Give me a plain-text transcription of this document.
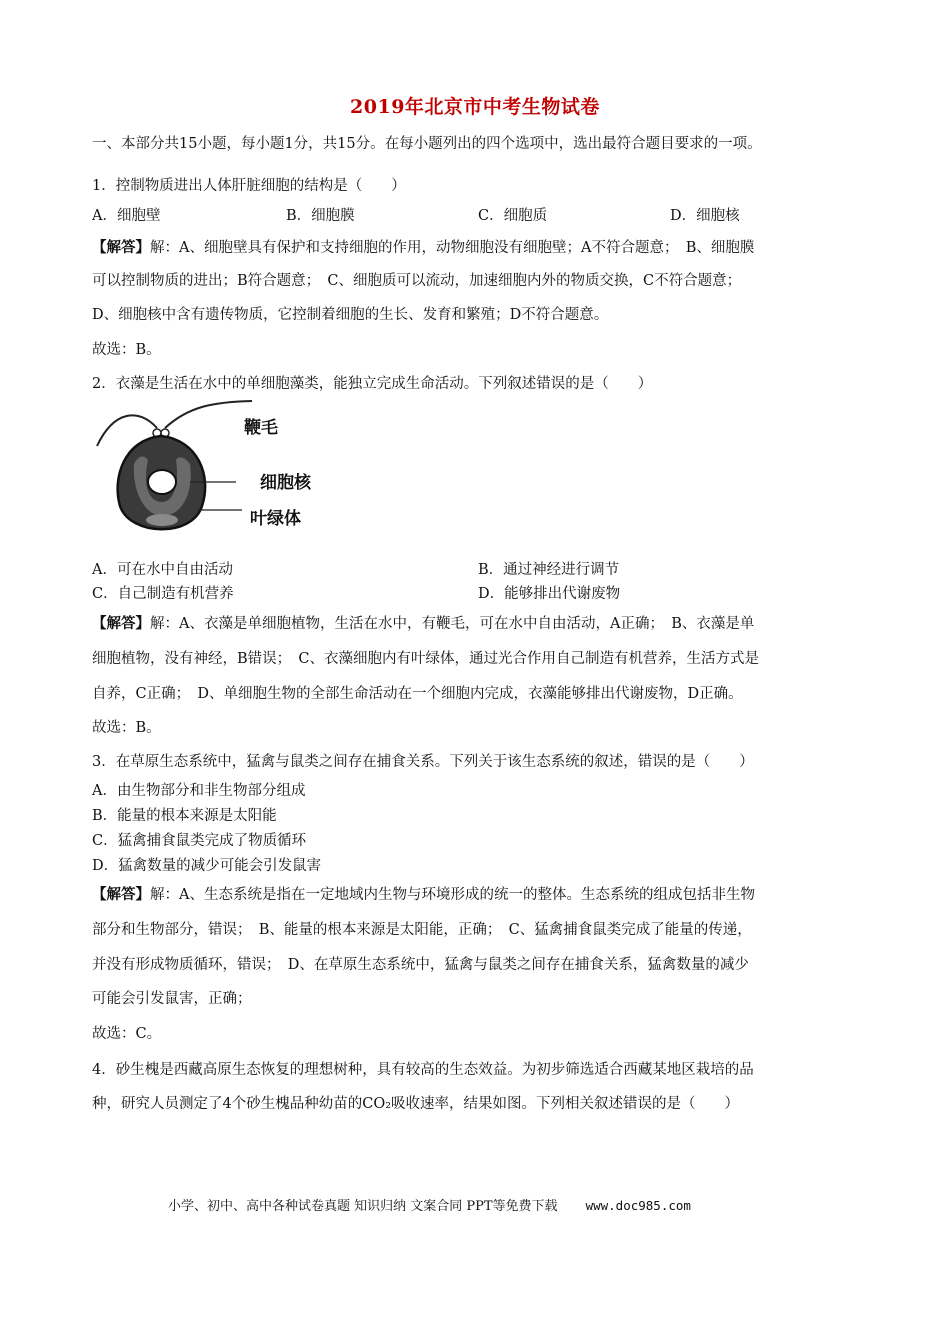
2019年北京市中考生物试卷
一、本部分共15小题，每小题1分，共15分。在每小题列出的四个选项中，选出最符合题目要求的一项。
1．控制物质进出人体肝脏细胞的结构是（　　）
A．细胞壁	B．细胞膜	C．细胞质	D．细胞核
【解答】解：A、细胞壁具有保护和支持细胞的作用，动物细胞没有细胞壁；A不符合题意；　B、细胞膜
可以控制物质的进出；B符合题意；　C、细胞质可以流动，加速细胞内外的物质交换，C不符合题意；
D、细胞核中含有遗传物质，它控制着细胞的生长、发育和繁殖；D不符合题意。
故选：B。
2．衣藻是生活在水中的单细胞藻类，能独立完成生命活动。下列叙述错误的是（　　）
鞭毛
细胞核
叶绿体
A．可在水中自由活动	B．通过神经进行调节
C．自己制造有机营养	D．能够排出代谢废物
【解答】解：A、衣藻是单细胞植物，生活在水中，有鞭毛，可在水中自由活动，A正确；　B、衣藻是单
细胞植物，没有神经，B错误；　C、衣藻细胞内有叶绿体，通过光合作用自己制造有机营养，生活方式是
自养，C正确；　D、单细胞生物的全部生命活动在一个细胞内完成，衣藻能够排出代谢废物，D正确。
故选：B。
3．在草原生态系统中，猛禽与鼠类之间存在捕食关系。下列关于该生态系统的叙述，错误的是（　　）
A．由生物部分和非生物部分组成
B．能量的根本来源是太阳能
C．猛禽捕食鼠类完成了物质循环
D．猛禽数量的减少可能会引发鼠害
【解答】解：A、生态系统是指在一定地域内生物与环境形成的统一的整体。生态系统的组成包括非生物
部分和生物部分，错误；　B、能量的根本来源是太阳能，正确；　C、猛禽捕食鼠类完成了能量的传递，
并没有形成物质循环，错误；　D、在草原生态系统中，猛禽与鼠类之间存在捕食关系，猛禽数量的减少
可能会引发鼠害，正确；
故选：C。
4．砂生槐是西藏高原生态恢复的理想树种，具有较高的生态效益。为初步筛选适合西藏某地区栽培的品
种，研究人员测定了4个砂生槐品种幼苗的CO₂吸收速率，结果如图。下列相关叙述错误的是（　　）
小学、初中、高中各种试卷真题 知识归纳 文案合同 PPT等免费下载 www.doc985.com
